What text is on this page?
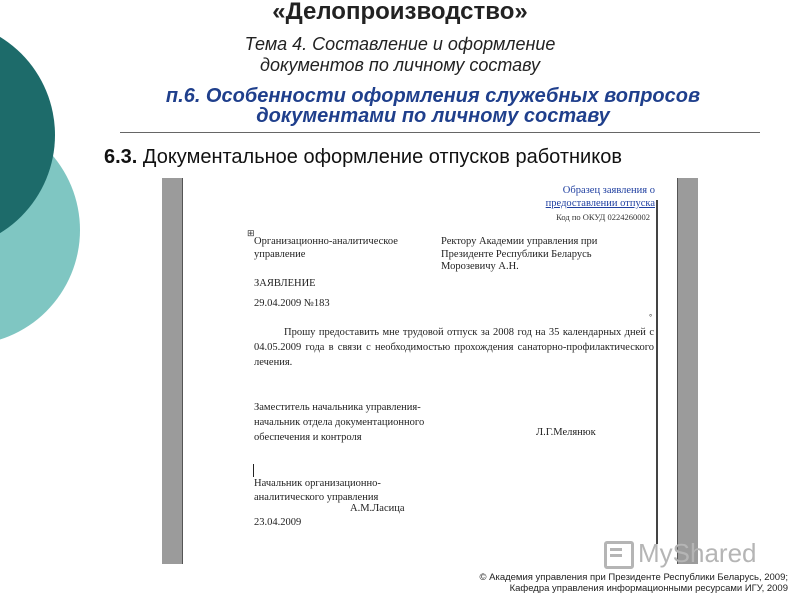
«Делопроизводство»
Тема 4. Составление и оформление
документов по личному составу
п.6. Особенности оформления служебных вопросов
документами по личному составу
6.3. Документальное оформление отпусков работников
Образец заявления о
предоставлении отпуска
Код по ОКУД 0224260002
⊞
°
Организационно-аналитическое
управление
Ректору Академии управления при
Президенте Республики Беларусь
Морозевичу А.Н.
ЗАЯВЛЕНИЕ
29.04.2009 №183
Прошу предоставить мне трудовой отпуск за 2008 год на 35 календарных дней с 04.05.2009 года в связи с необходимостью прохождения санаторно-профилактического лечения.
Заместитель начальника управления-
начальник отдела документационного
обеспечения и контроля	Л.Г.Мелянюк
Начальник организационно-
аналитического управления
А.М.Ласица
23.04.2009
MyShared
© Академия управления при Президенте Республики Беларусь, 2009;
Кафедра управления информационными ресурсами ИГУ, 2009
